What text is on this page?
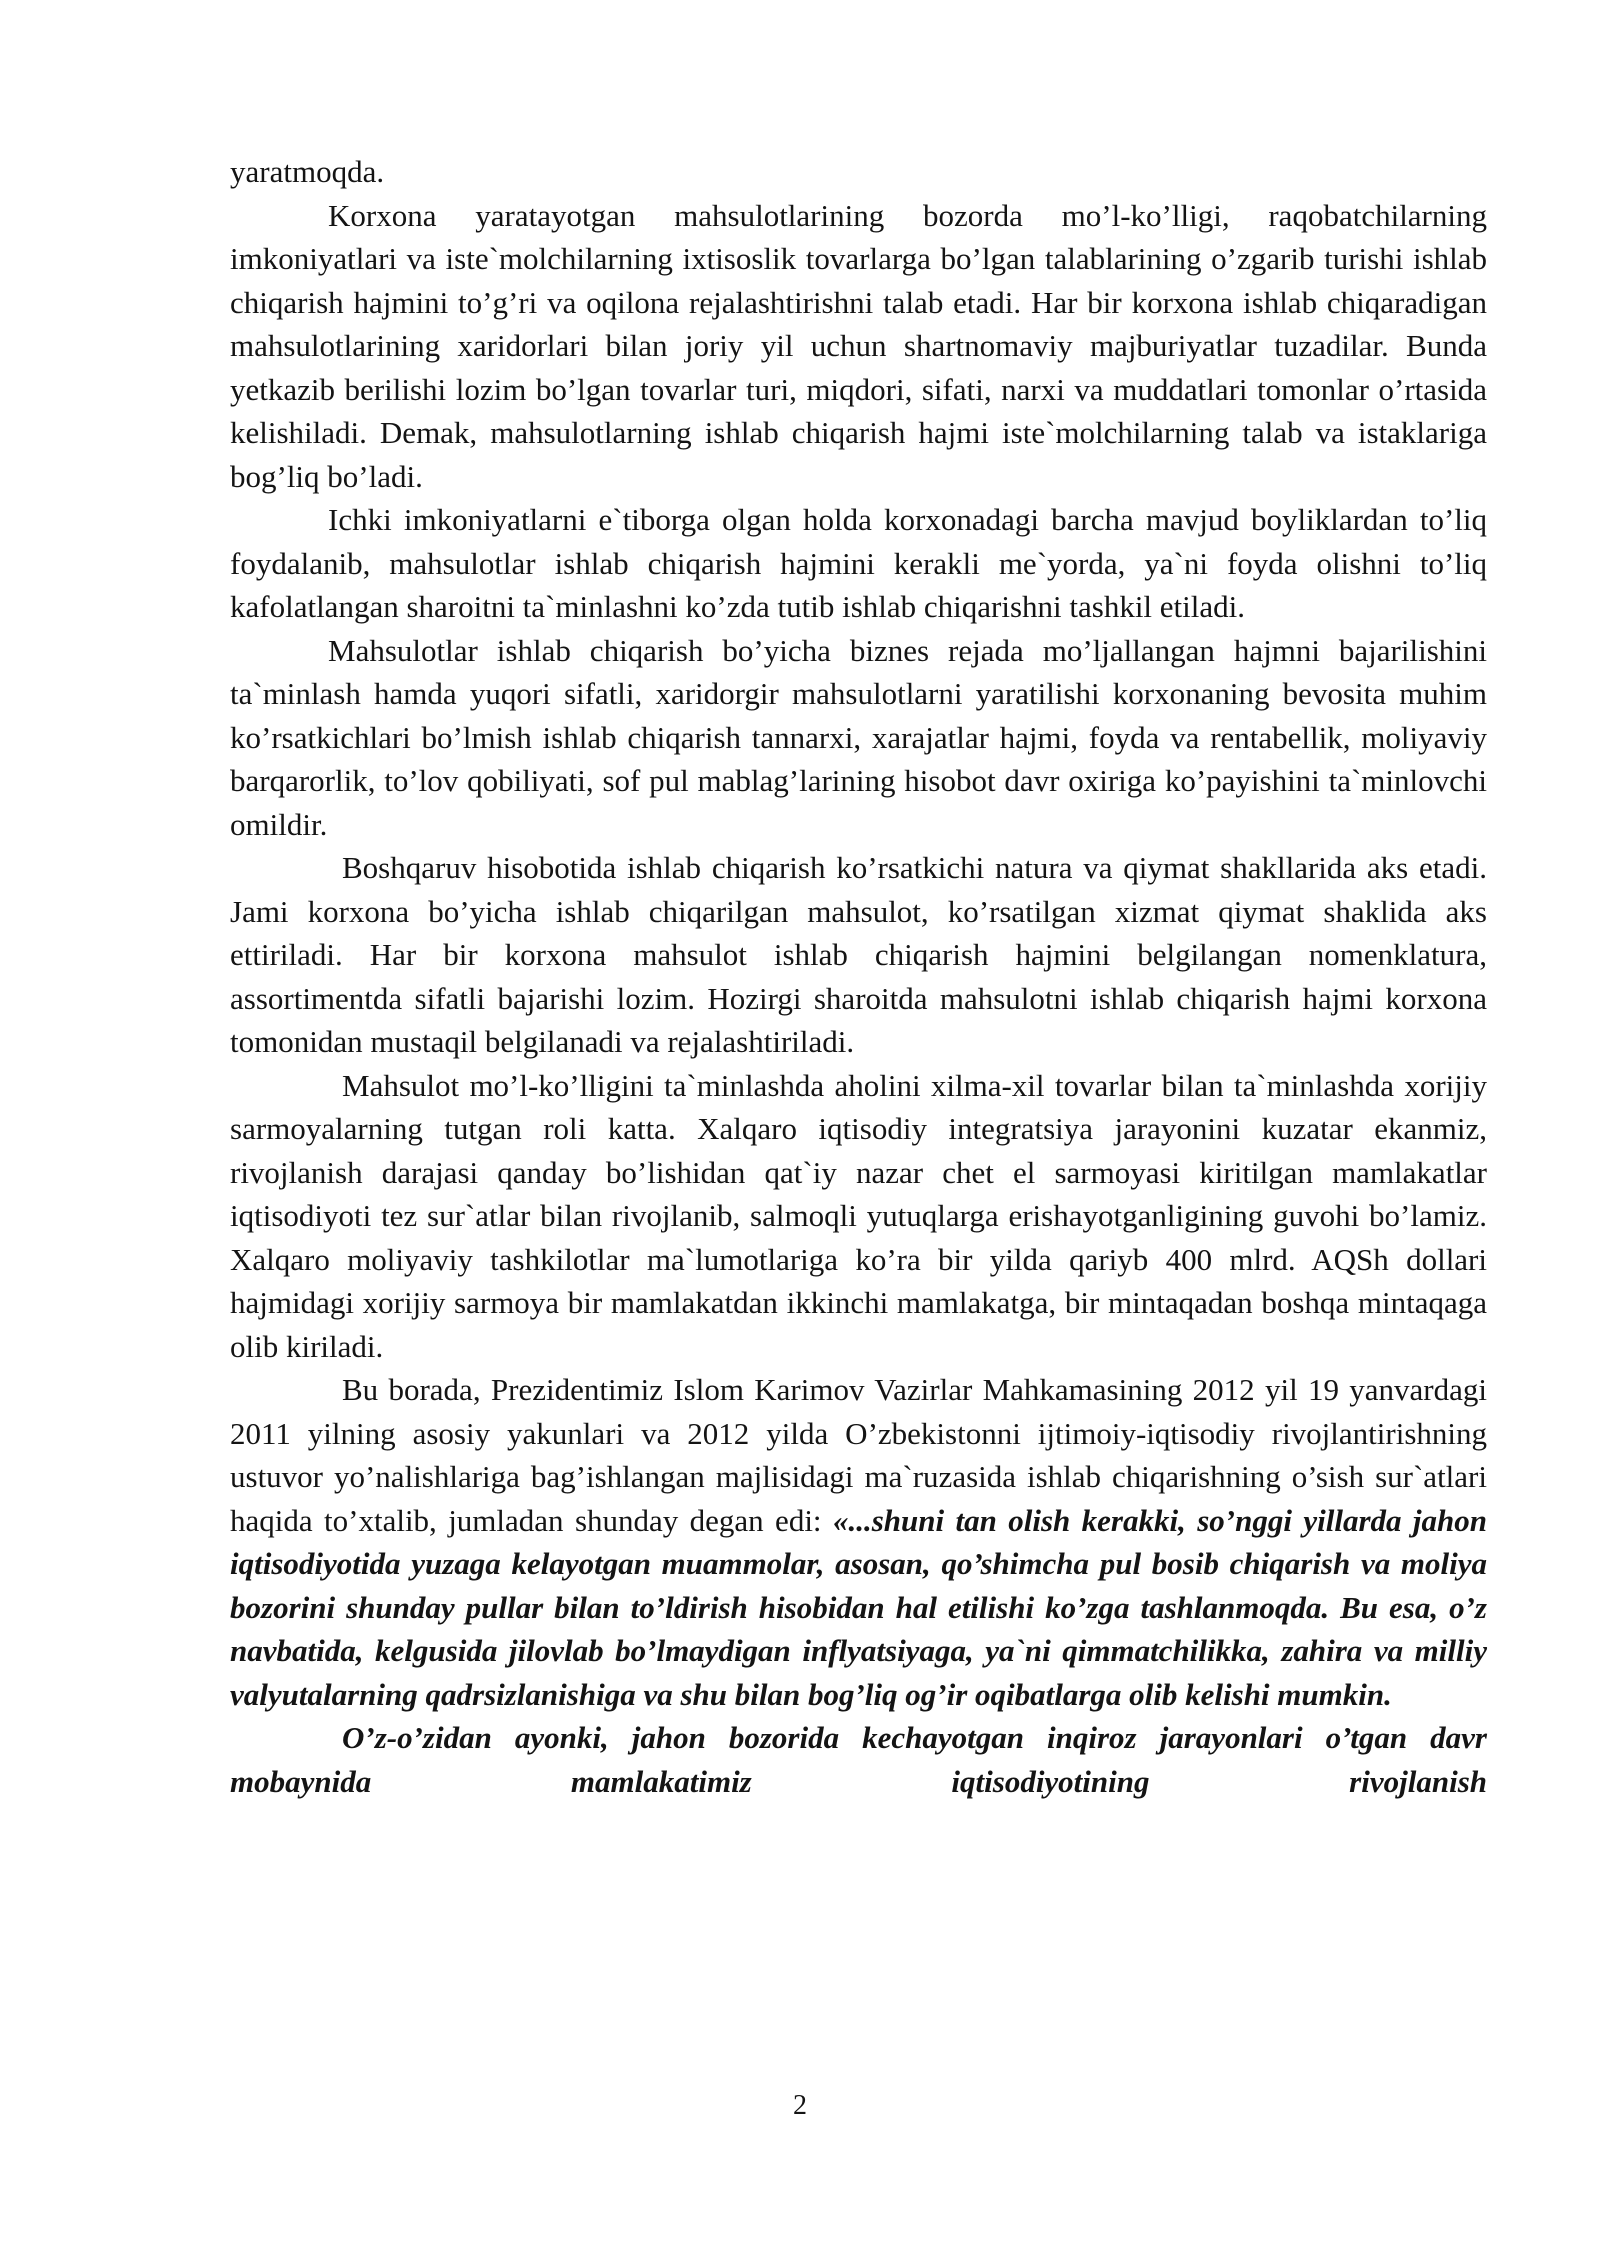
yaratmoqda.

Korxona yaratayotgan mahsulotlarining bozorda mo’l-ko’lligi, raqobatchilarning imkoniyatlari va iste`molchilarning ixtisoslik tovarlarga bo’lgan talablarining o’zgarib turishi ishlab chiqarish hajmini to’g’ri va oqilona rejalashtirishni talab etadi. Har bir korxona ishlab chiqaradigan mahsulotlarining xaridorlari bilan joriy yil uchun shartnomaviy majburiyatlar tuzadilar. Bunda yetkazib berilishi lozim bo’lgan tovarlar turi, miqdori, sifati, narxi va muddatlari tomonlar o’rtasida kelishiladi. Demak, mahsulotlarning ishlab chiqarish hajmi iste`molchilarning talab va istaklariga bog’liq bo’ladi.

Ichki imkoniyatlarni e`tiborga olgan holda korxonadagi barcha mavjud boyliklardan to’liq foydalanib, mahsulotlar ishlab chiqarish hajmini kerakli me`yorda, ya`ni foyda olishni to’liq kafolatlangan sharoitni ta`minlashni ko’zda tutib ishlab chiqarishni tashkil etiladi.

Mahsulotlar ishlab chiqarish bo’yicha biznes rejada mo’ljallangan hajmni bajarilishini ta`minlash hamda yuqori sifatli, xaridorgir mahsulotlarni yaratilishi korxonaning bevosita muhim ko’rsatkichlari bo’lmish ishlab chiqarish tannarxi, xarajatlar hajmi, foyda va rentabellik, moliyaviy barqarorlik, to’lov qobiliyati, sof pul mablag’larining hisobot davr oxiriga ko’payishini ta`minlovchi omildir.

Boshqaruv hisobotida ishlab chiqarish ko’rsatkichi natura va qiymat shakllarida aks etadi. Jami korxona bo’yicha ishlab chiqarilgan mahsulot, ko’rsatilgan xizmat qiymat shaklida aks ettiriladi. Har bir korxona mahsulot ishlab chiqarish hajmini belgilangan nomenklatura, assortimentda sifatli bajarishi lozim. Hozirgi sharoitda mahsulotni ishlab chiqarish hajmi korxona tomonidan mustaqil belgilanadi va rejalashtiriladi.

Mahsulot mo’l-ko’lligini ta`minlashda aholini xilma-xil tovarlar bilan ta`minlashda xorijiy sarmoyalarning tutgan roli katta. Xalqaro iqtisodiy integratsiya jarayonini kuzatar ekanmiz, rivojlanish darajasi qanday bo’lishidan qat`iy nazar chet el sarmoyasi kiritilgan mamlakatlar iqtisodiyoti tez sur`atlar bilan rivojlanib, salmoqli yutuqlarga erishayotganligining guvohi bo’lamiz. Xalqaro moliyaviy tashkilotlar ma`lumotlariga ko’ra bir yilda qariyb 400 mlrd. AQSh dollari hajmidagi xorijiy sarmoya bir mamlakatdan ikkinchi mamlakatga, bir mintaqadan boshqa mintaqaga olib kiriladi.

Bu borada, Prezidentimiz Islom Karimov Vazirlar Mahkamasining 2012 yil 19 yanvardagi 2011 yilning asosiy yakunlari va 2012 yilda O’zbekistonni ijtimoiy-iqtisodiy rivojlantirishning ustuvor yo’nalishlariga bag’ishlangan majlisidagi ma`ruzasida ishlab chiqarishning o’sish sur`atlari haqida to’xtalib, jumladan shunday degan edi: «...shuni tan olish kerakki, so’nggi yillarda jahon iqtisodiyotida yuzaga kelayotgan muammolar, asosan, qo’shimcha pul bosib chiqarish va moliya bozorini shunday pullar bilan to’ldirish hisobidan hal etilishi ko’zga tashlanmoqda. Bu esa, o’z navbatida, kelgusida jilovlab bo’lmaydigan inflyatsiyaga, ya`ni qimmatchilikka, zahira va milliy valyutalarning qadrsizlanishiga va shu bilan bog’liq og’ir oqibatlarga olib kelishi mumkin.

O’z-o’zidan ayonki, jahon bozorida kechayotgan inqiroz jarayonlari o’tgan davr mobaynida mamlakatimiz iqtisodiyotining rivojlanish

2
